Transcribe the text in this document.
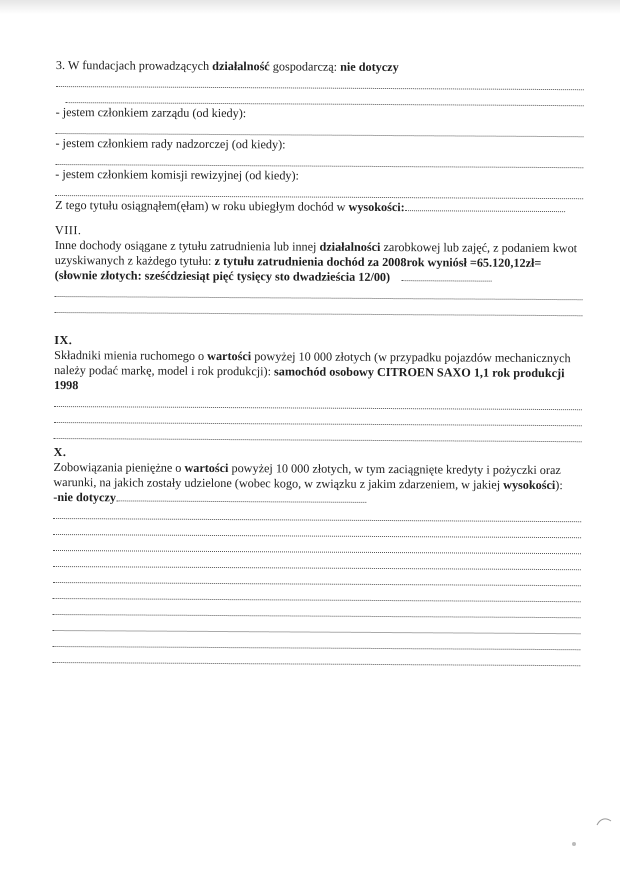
3. W fundacjach prowadzących działalność gospodarczą: nie dotyczy

- jestem członkiem zarządu (od kiedy):

- jestem członkiem rady nadzorczej (od kiedy):

- jestem członkiem komisji rewizyjnej (od kiedy):

Z tego tytułu osiągnąłem(ęłam) w roku ubiegłym dochód w wysokości:

VIII.

Inne dochody osiągane z tytułu zatrudnienia lub innej działalności zarobkowej lub zajęć, z podaniem kwot

uzyskiwanych z każdego tytułu: z tytułu zatrudnienia dochód za 2008rok wyniósł =65.120,12zł=

(słownie złotych: sześćdziesiąt pięć tysięcy sto dwadzieścia 12/00)

IX.

Składniki mienia ruchomego o wartości powyżej 10 000 złotych (w przypadku pojazdów mechanicznych

należy podać markę, model i rok produkcji): samochód osobowy CITROEN SAXO 1,1 rok produkcji

1998

X.

Zobowiązania pieniężne o wartości powyżej 10 000 złotych, w tym zaciągnięte kredyty i pożyczki oraz

warunki, na jakich zostały udzielone (wobec kogo, w związku z jakim zdarzeniem, w jakiej wysokości):

-nie dotyczy
